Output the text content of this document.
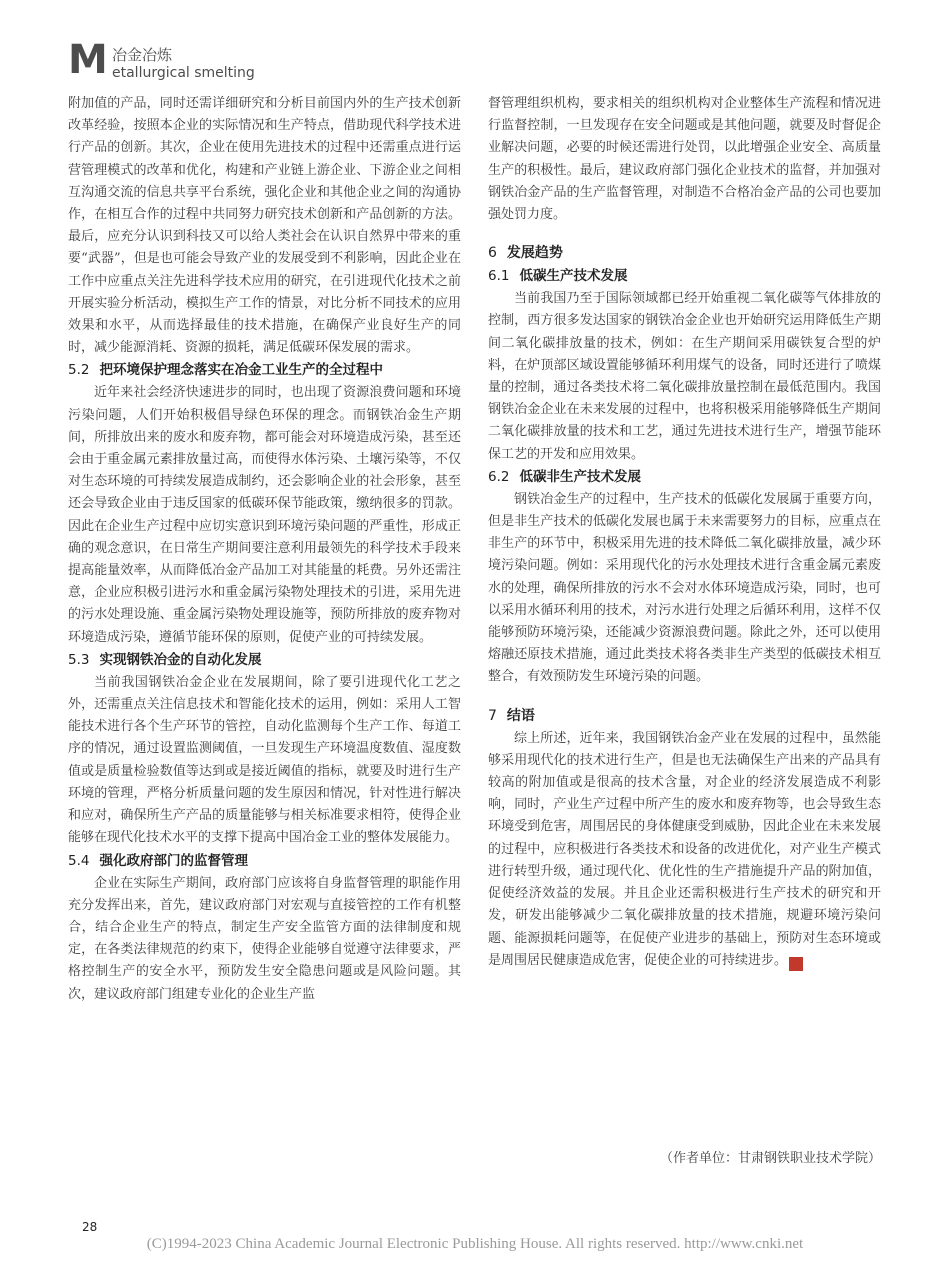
M 冶金冶炼
etallurgical smelting

附加值的产品，同时还需详细研究和分析目前国内外的生产技术创新改革经验，按照本企业的实际情况和生产特点，借助现代科学技术进行产品的创新。其次，企业在使用先进技术的过程中还需重点进行运营管理模式的改革和优化，构建和产业链上游企业、下游企业之间相互沟通交流的信息共享平台系统，强化企业和其他企业之间的沟通协作，在相互合作的过程中共同努力研究技术创新和产品创新的方法。最后，应充分认识到科技又可以给人类社会在认识自然界中带来的重要“武器”，但是也可能会导致产业的发展受到不利影响，因此企业在工作中应重点关注先进科学技术应用的研究，在引进现代化技术之前开展实验分析活动，模拟生产工作的情景，对比分析不同技术的应用效果和水平，从而选择最佳的技术措施，在确保产业良好生产的同时，减少能源消耗、资源的损耗，满足低碳环保发展的需求。

5.2 把环境保护理念落实在冶金工业生产的全过程中

近年来社会经济快速进步的同时，也出现了资源浪费问题和环境污染问题，人们开始积极倡导绿色环保的理念。而钢铁冶金生产期间，所排放出来的废水和废弃物，都可能会对环境造成污染，甚至还会由于重金属元素排放量过高，而使得水体污染、土壤污染等，不仅对生态环境的可持续发展造成制约，还会影响企业的社会形象，甚至还会导致企业由于违反国家的低碳环保节能政策，缴纳很多的罚款。因此在企业生产过程中应切实意识到环境污染问题的严重性，形成正确的观念意识，在日常生产期间要注意利用最领先的科学技术手段来提高能量效率，从而降低冶金产品加工对其能量的耗费。另外还需注意，企业应积极引进污水和重金属污染物处理技术的引进，采用先进的污水处理设施、重金属污染物处理设施等，预防所排放的废弃物对环境造成污染，遵循节能环保的原则，促使产业的可持续发展。

5.3 实现钢铁冶金的自动化发展

当前我国钢铁冶金企业在发展期间，除了要引进现代化工艺之外，还需重点关注信息技术和智能化技术的运用，例如：采用人工智能技术进行各个生产环节的管控，自动化监测每个生产工作、每道工序的情况，通过设置监测阈值，一旦发现生产环境温度数值、湿度数值或是质量检验数值等达到或是接近阈值的指标，就要及时进行生产环境的管理，严格分析质量问题的发生原因和情况，针对性进行解决和应对，确保所生产产品的质量能够与相关标准要求相符，使得企业能够在现代化技术水平的支撑下提高中国冶金工业的整体发展能力。

5.4 强化政府部门的监督管理

企业在实际生产期间，政府部门应该将自身监督管理的职能作用充分发挥出来，首先，建议政府部门对宏观与直接管控的工作有机整合，结合企业生产的特点，制定生产安全监管方面的法律制度和规定，在各类法律规范的约束下，使得企业能够自觉遵守法律要求，严格控制生产的安全水平，预防发生安全隐患问题或是风险问题。其次，建议政府部门组建专业化的企业生产监

督管理组织机构，要求相关的组织机构对企业整体生产流程和情况进行监督控制，一旦发现存在安全问题或是其他问题，就要及时督促企业解决问题，必要的时候还需进行处罚，以此增强企业安全、高质量生产的积极性。最后，建议政府部门强化企业技术的监督，并加强对钢铁冶金产品的生产监督管理，对制造不合格冶金产品的公司也要加强处罚力度。

6 发展趋势
6.1 低碳生产技术发展

当前我国乃至于国际领域都已经开始重视二氧化碳等气体排放的控制，西方很多发达国家的钢铁冶金企业也开始研究运用降低生产期间二氧化碳排放量的技术，例如：在生产期间采用碳铁复合型的炉料，在炉顶部区域设置能够循环利用煤气的设备，同时还进行了喷煤量的控制，通过各类技术将二氧化碳排放量控制在最低范围内。我国钢铁冶金企业在未来发展的过程中，也将积极采用能够降低生产期间二氧化碳排放量的技术和工艺，通过先进技术进行生产，增强节能环保工艺的开发和应用效果。

6.2 低碳非生产技术发展

钢铁冶金生产的过程中，生产技术的低碳化发展属于重要方向，但是非生产技术的低碳化发展也属于未来需要努力的目标，应重点在非生产的环节中，积极采用先进的技术降低二氧化碳排放量，减少环境污染问题。例如：采用现代化的污水处理技术进行含重金属元素废水的处理，确保所排放的污水不会对水体环境造成污染，同时，也可以采用水循环利用的技术，对污水进行处理之后循环利用，这样不仅能够预防环境污染，还能减少资源浪费问题。除此之外，还可以使用熔融还原技术措施，通过此类技术将各类非生产类型的低碳技术相互整合，有效预防发生环境污染的问题。

7 结语

综上所述，近年来，我国钢铁冶金产业在发展的过程中，虽然能够采用现代化的技术进行生产，但是也无法确保生产出来的产品具有较高的附加值或是很高的技术含量，对企业的经济发展造成不利影响，同时，产业生产过程中所产生的废水和废弃物等，也会导致生态环境受到危害，周围居民的身体健康受到威胁，因此企业在未来发展的过程中，应积极进行各类技术和设备的改进优化，对产业生产模式进行转型升级，通过现代化、优化性的生产措施提升产品的附加值，促使经济效益的发展。并且企业还需积极进行生产技术的研究和开发，研发出能够减少二氧化碳排放量的技术措施，规避环境污染问题、能源损耗问题等，在促使产业进步的基础上，预防对生态环境或是周围居民健康造成危害，促使企业的可持续进步。	涌

（作者单位：甘肃钢铁职业技术学院）
28
(C)1994-2023 China Academic Journal Electronic Publishing House. All rights reserved. http://www.cnki.net
